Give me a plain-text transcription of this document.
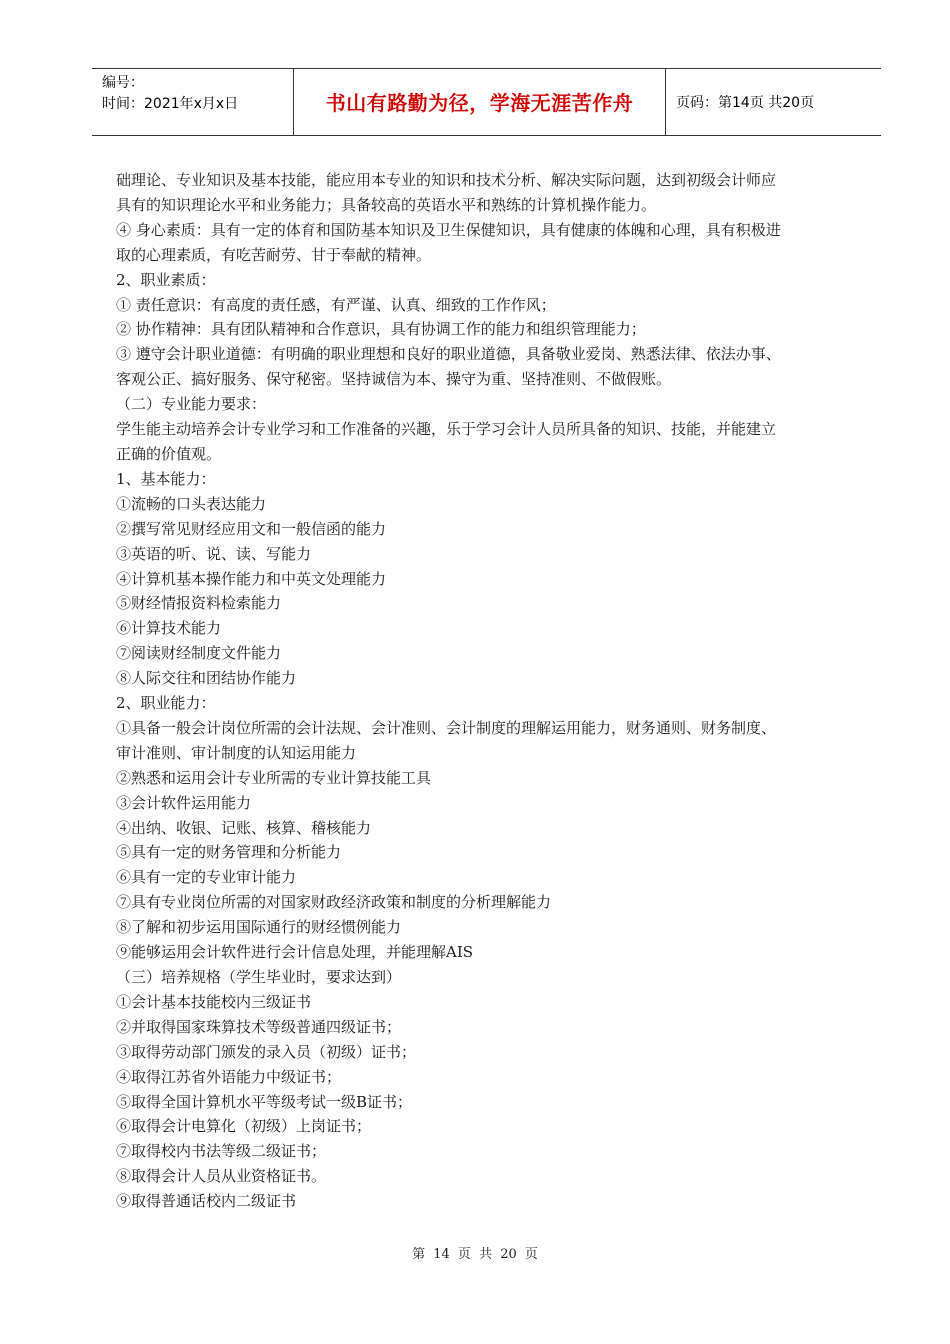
编号：
时间：2021年x月x日	书山有路勤为径，学海无涯苦作舟	页码：第14页 共20页

础理论、专业知识及基本技能，能应用本专业的知识和技术分析、解决实际问题，达到初级会计师应

具有的知识理论水平和业务能力；具备较高的英语水平和熟练的计算机操作能力。

④ 身心素质：具有一定的体育和国防基本知识及卫生保健知识，具有健康的体魄和心理，具有积极进

取的心理素质，有吃苦耐劳、甘于奉献的精神。

2、职业素质：

① 责任意识：有高度的责任感，有严谨、认真、细致的工作作风；

② 协作精神：具有团队精神和合作意识，具有协调工作的能力和组织管理能力；

③ 遵守会计职业道德：有明确的职业理想和良好的职业道德，具备敬业爱岗、熟悉法律、依法办事、

客观公正、搞好服务、保守秘密。坚持诚信为本、操守为重、坚持准则、不做假账。

（二）专业能力要求：

学生能主动培养会计专业学习和工作准备的兴趣，乐于学习会计人员所具备的知识、技能，并能建立

正确的价值观。

1、基本能力：

①流畅的口头表达能力

②撰写常见财经应用文和一般信函的能力

③英语的听、说、读、写能力

④计算机基本操作能力和中英文处理能力

⑤财经情报资料检索能力

⑥计算技术能力

⑦阅读财经制度文件能力

⑧人际交往和团结协作能力

2、职业能力：

①具备一般会计岗位所需的会计法规、会计准则、会计制度的理解运用能力，财务通则、财务制度、

审计准则、审计制度的认知运用能力

②熟悉和运用会计专业所需的专业计算技能工具

③会计软件运用能力

④出纳、收银、记账、核算、稽核能力

⑤具有一定的财务管理和分析能力

⑥具有一定的专业审计能力

⑦具有专业岗位所需的对国家财政经济政策和制度的分析理解能力

⑧了解和初步运用国际通行的财经惯例能力

⑨能够运用会计软件进行会计信息处理，并能理解AIS

（三）培养规格（学生毕业时，要求达到）

①会计基本技能校内三级证书

②并取得国家珠算技术等级普通四级证书；

③取得劳动部门颁发的录入员（初级）证书；

④取得江苏省外语能力中级证书；

⑤取得全国计算机水平等级考试一级B证书；

⑥取得会计电算化（初级）上岗证书；

⑦取得校内书法等级二级证书；

⑧取得会计人员从业资格证书。

⑨取得普通话校内二级证书

第 14 页 共 20 页
